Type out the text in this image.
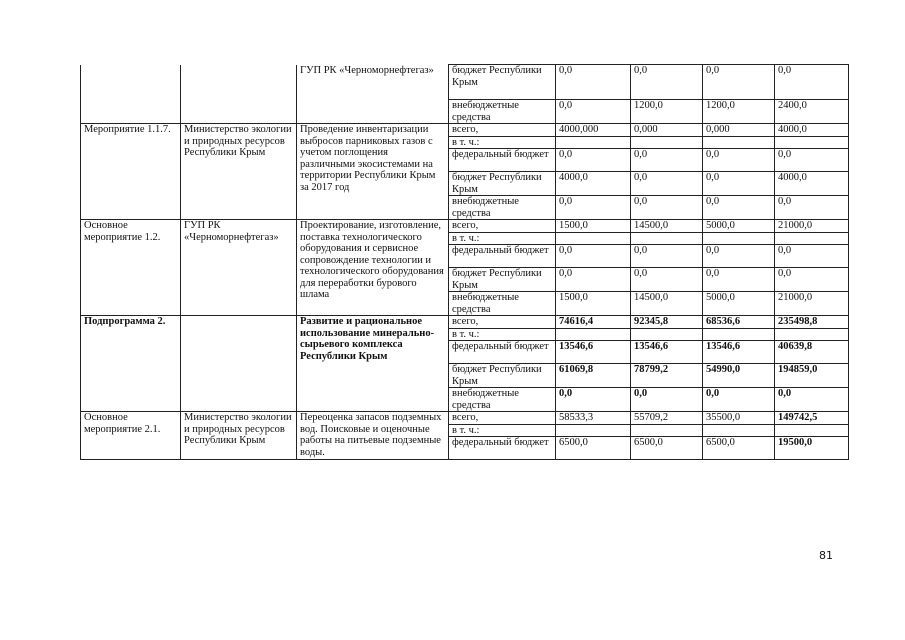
		ГУП РК «Черноморнефтегаз»	бюджет Республики Крым	0,0	0,0	0,0	0,0
			внебюджетные средства	0,0	1200,0	1200,0	2400,0
Мероприятие 1.1.7.	Министерство экологии и природных ресурсов Республики Крым	Проведение инвентаризации выбросов парниковых газов с учетом поглощения различными экосистемами на территории Республики Крым за 2017 год	всего,	4000,000	0,000	0,000	4000,0
			в т. ч.:				
			федеральный бюджет	0,0	0,0	0,0	0,0
			бюджет Республики Крым	4000,0	0,0	0,0	4000,0
			внебюджетные средства	0,0	0,0	0,0	0,0
Основное мероприятие 1.2.	ГУП РК «Черноморнефтегаз»	Проектирование, изготовление, поставка технологического оборудования и сервисное сопровождение технологии и технологического оборудования для переработки бурового шлама	всего,	1500,0	14500,0	5000,0	21000,0
			в т. ч.:				
			федеральный бюджет	0,0	0,0	0,0	0,0
			бюджет Республики Крым	0,0	0,0	0,0	0,0
			внебюджетные средства	1500,0	14500,0	5000,0	21000,0
Подпрограмма 2.		Развитие и рациональное использование минерально-сырьевого комплекса Республики Крым	всего,	74616,4	92345,8	68536,6	235498,8
			в т. ч.:				
			федеральный бюджет	13546,6	13546,6	13546,6	40639,8
			бюджет Республики Крым	61069,8	78799,2	54990,0	194859,0
			внебюджетные средства	0,0	0,0	0,0	0,0
Основное мероприятие 2.1.	Министерство экологии и природных ресурсов Республики Крым	Переоценка запасов подземных вод. Поисковые и оценочные работы на питьевые подземные воды.	всего,	58533,3	55709,2	35500,0	149742,5
			в т. ч.:				
			федеральный бюджет	6500,0	6500,0	6500,0	19500,0
81
